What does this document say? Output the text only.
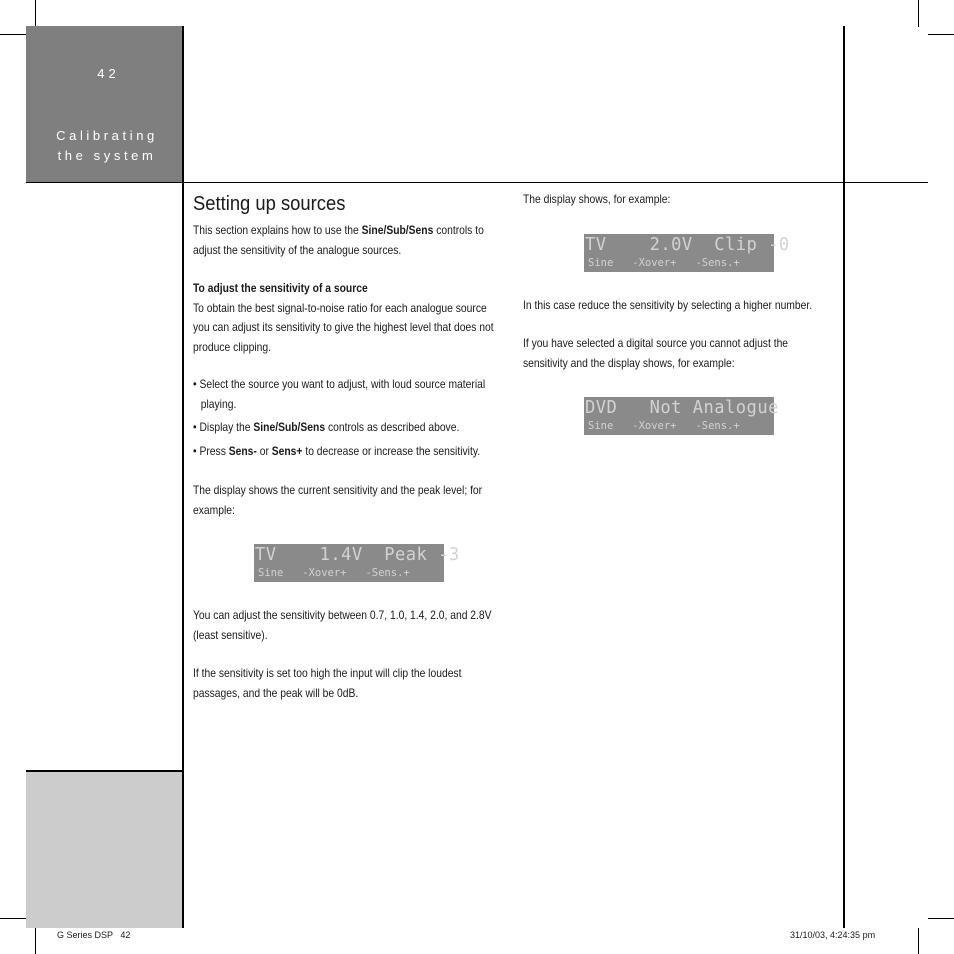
42
Calibrating
the system
Setting up sources
This section explains how to use the Sine/Sub/Sens controls to
adjust the sensitivity of the analogue sources.
To adjust the sensitivity of a source
To obtain the best signal-to-noise ratio for each analogue source
you can adjust its sensitivity to give the highest level that does not
produce clipping.
• Select the source you want to adjust, with loud source material
playing.
• Display the Sine/Sub/Sens controls as described above.
• Press Sens- or Sens+ to decrease or increase the sensitivity.
The display shows the current sensitivity and the peak level; for
example:
TV    1.4V  Peak -3
Sine   -Xover+   -Sens.+
You can adjust the sensitivity between 0.7, 1.0, 1.4, 2.0, and 2.8V
(least sensitive).
If the sensitivity is set too high the input will clip the loudest
passages, and the peak will be 0dB.
The display shows, for example:
TV    2.0V  Clip -0
Sine   -Xover+   -Sens.+
In this case reduce the sensitivity by selecting a higher number.
If you have selected a digital source you cannot adjust the
sensitivity and the display shows, for example:
DVD   Not Analogue
Sine   -Xover+   -Sens.+
G Series DSP   42	31/10/03, 4:24:35 pm
